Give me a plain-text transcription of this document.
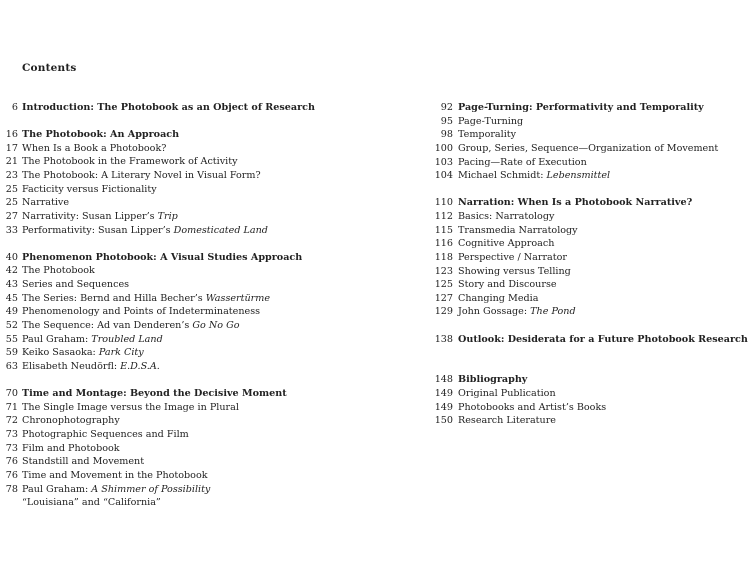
Contents
6 Introduction: The Photobook as an Object of Research
16 The Photobook: An Approach
17 When Is a Book a Photobook?
21 The Photobook in the Framework of Activity
23 The Photobook: A Literary Novel in Visual Form?
25 Facticity versus Fictionality
25 Narrative
27 Narrativity: Susan Lipper’s Trip
33 Performativity: Susan Lipper’s Domesticated Land
40 Phenomenon Photobook: A Visual Studies Approach
42 The Photobook
43 Series and Sequences
45 The Series: Bernd and Hilla Becher’s Wassertürme
49 Phenomenology and Points of Indeterminateness
52 The Sequence: Ad van Denderen’s Go No Go
55 Paul Graham: Troubled Land
59 Keiko Sasaoka: Park City
63 Elisabeth Neudörfl: E.D.S.A.
70 Time and Montage: Beyond the Decisive Moment
71 The Single Image versus the Image in Plural
72 Chronophotography
73 Photographic Sequences and Film
73 Film and Photobook
76 Standstill and Movement
76 Time and Movement in the Photobook
78 Paul Graham: A Shimmer of Possibility
“Louisiana” and “California”
92 Page-Turning: Performativity and Temporality
95 Page-Turning
98 Temporality
100 Group, Series, Sequence—Organization of Movement
103 Pacing—Rate of Execution
104 Michael Schmidt: Lebensmittel
110 Narration: When Is a Photobook Narrative?
112 Basics: Narratology
115 Transmedia Narratology
116 Cognitive Approach
118 Perspective / Narrator
123 Showing versus Telling
125 Story and Discourse
127 Changing Media
129 John Gossage: The Pond
138 Outlook: Desiderata for a Future Photobook Research
148 Bibliography
149 Original Publication
149 Photobooks and Artist’s Books
150 Research Literature
